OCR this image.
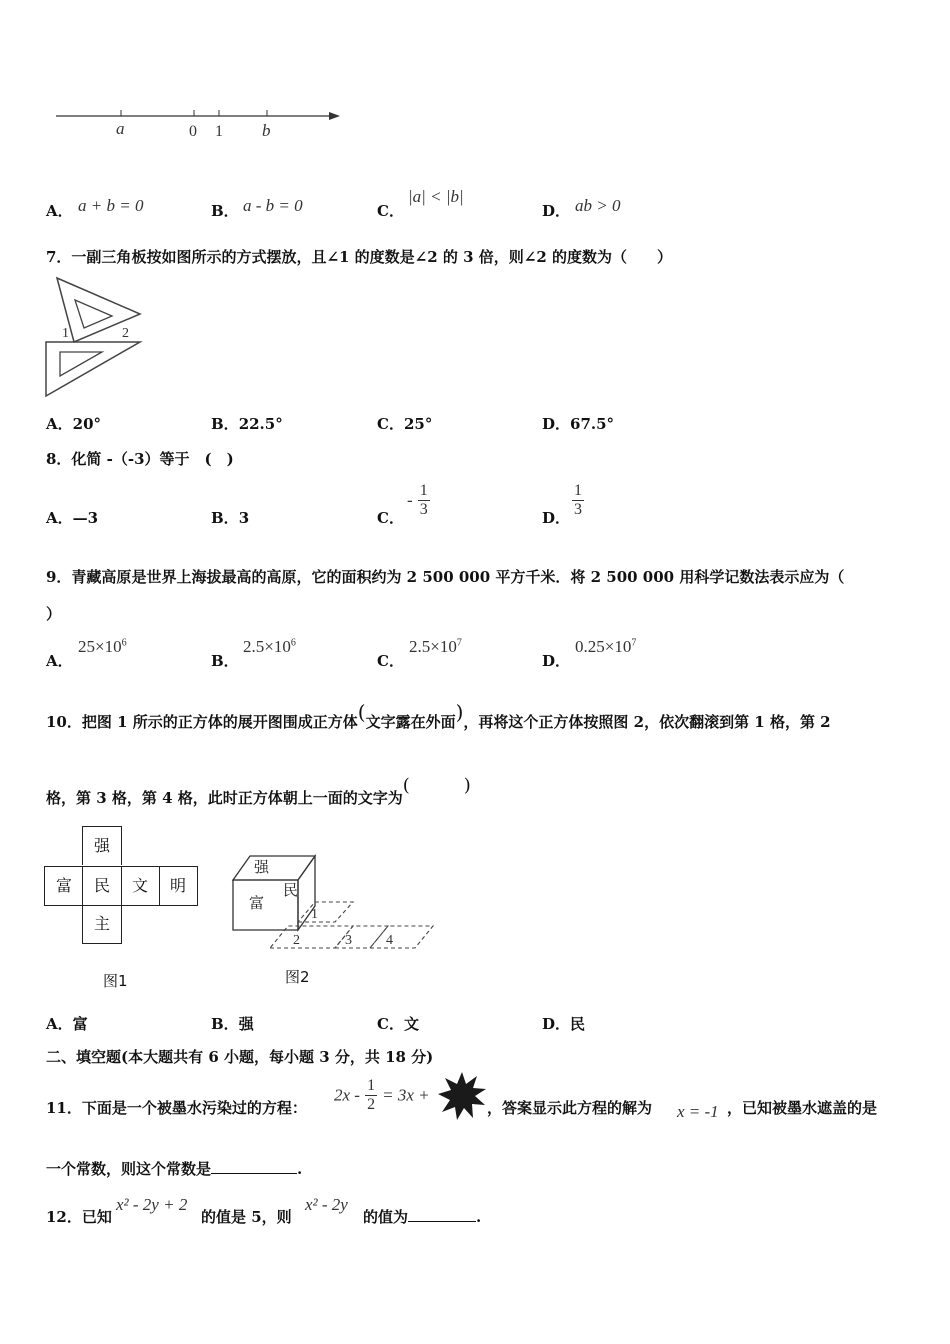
a	0 1 b
A． a + b = 0	B． a - b = 0	C．
|a| < |b|
D． ab > 0
7．一副三角板按如图所示的方式摆放，且∠1 的度数是∠2 的 3 倍，则∠2 的度数为（　　）
1	2
A．20°	B．22.5°	C．25°	D．67.5°
8．化简 -（-3）等于　(　)
A．—3	B．3	C．
- $\frac{1}{3}$	D． $\frac{1}{3}$
9．青藏高原是世界上海拔最高的高原，它的面积约为 2 500 000 平方千米．将 2 500 000 用科学记数法表示应为（
）
A．
$25\times 10^6$
B．
$2.5\times 10^6$
C．
$2.5\times 10^7$
D．
$0.25\times 10^7$
10．把图 1 所示的正方体的展开图围成正方体(文字露在外面)，再将这个正方体按照图 2，依次翻滚到第 1 格，第 2
格，第 3 格，第 4 格，此时正方体朝上一面的文字为(　　　)
强
富	民	文	明
主
图1
强
富
民
1
2	3 4
图2
A．富	B．强	C．文	D．民
二、填空题(本大题共有 6 小题，每小题 3 分，共 18 分)
11．下面是一个被墨水污染过的方程：
$2x - \frac{1}{2} = 3x$ +
，答案显示此方程的解为 x = -1 ，已知被墨水遮盖的是
一个常数，则这个常数是	.
12．已知
x² - 2y + 2
的值是 5，则
x² - 2y
的值为	.
